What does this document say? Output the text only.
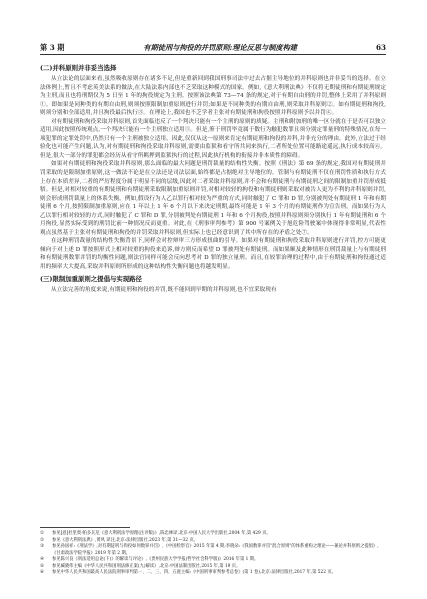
第 3 期	有期徒刑与拘役的并罚原则:理论反思与制度构建	63
(二)并科原则并非妥当选择

从立法论的层面来看,虽然吸收原则存在诸多不足,但是重新回到我国刑事司法中过去占据主导地位的并科原则也并非妥当的选择。在立法体例上,暂且不考虑英美法系的做法,在大陆法系内部也不乏采取这种模式的国家。例如,《意大利刑法典》不仅将无期徒刑和有期徒刑规定为主刑,而且也将刑期仅为 5 日至 1 年的拘役规定为主刑。按照该法典第 73—74 条的规定,对于有期自由刑的并罚,整体上采用了并科原则①。即如果是同种类的有期自由刑,则须按照限制加重原则进行并罚;如果是不同种类的有期自由刑,则采取并科原则②。如有期徒刑和拘役,则须分别和全部适用,并且拘役最后执行③。在理论上,我国也不乏学者主张对有期徒刑和拘役按照并科原则予以并罚④。

对有期徒刑和拘役采取并科原则,首先面临违反了一个判决只能有一个主刑的原则的质疑。主刑和附加刑的唯一区分就在于是否可以独立适用,因此按照传统观点,一个判决只能有一个主刑独立适用⑤。但是,鉴于刑罚毕竟属于数行为触犯数罪且须分别定罪量刑的特殊情况,在每一项犯罪的定罪处罚中,仍然只有一个主刑被独立适用。因此,仅仅从这一原则来肯定有期徒刑和拘役的并科,并非充分的理由。此外,立法过于经验化也可能产生问题,认为,对有期徒刑和拘役采取并科原则,需要由监狱和看守所共同来执行,二者所处位置可能路途遥远,执行成本较高⑥。但是,很大一部分的罪犯都会经历从看守所羁押到监狱执行的过程,因此执行机构的衔接并非本质性的障碍。

如果对有期徒刑和拘役采取并科原则,那么面临的最大问题是刑罚裁量的结构性失衡。按照《刑法》第 69 条的规定,我国对有期徒刑并罚采取的是限制加重原则,这一做法不论是在立法还是司法层面,始终都是占据绝对主导地位的。管制与有期徒刑不仅在刑罚性质和执行方式上存在本质差异,二者的严厉程度分属于明显不同的层级,因此对二者采取并科原则,并不会和有期徒刑与有期徒刑之间的限制加重并罚形成抵牾。但是,对相对较重的有期徒刑和有期徒刑采取限制加重原则并罚,对相对较轻的拘役和有期徒刑则采取对被告人更为不利的并科原则并罚,则会形成刑罚裁量上的体系失衡。例如,假设行为人乙以罪行相对较为严重的方式,同时触犯了 C 罪和 D 罪,分别被判处有期徒刑 1 年和有期徒刑 6 个月,按照限制加重原则,应在 1 年以上 1 年 6 个月以下来决定刑期,最终可能是 1 年 3 个月的有期徒刑作为宣告刑。而如果行为人乙以罪行相对较轻的方式,同时触犯了 C 罪和 D 罪,分别被判处有期徒刑 1 年和 6 个月拘役,按照并科原则须分别执行 1 年有期徒刑和 6 个月拘役,显然实际受到的刑罚比前一种情况反而更重。对此,在《刑事审判参考》第 900 号案例关于旭危险驾驶案中体现得非常明显,代表性观点虽然基于主张对有期徒刑和拘役的并罚采取并科原则,但实际上也已经意识到了其中所存在的矛盾之处⑦。

在这种刑罚裁量的结构性失衡背景下,同样会对控辩审三方形成扭曲的引导。如果对有期徒刑和拘役采取并科原则进行并罚,控方可能更倾向于对上述 D 罪按照形式上相对较重的拘役来追诉,辩方则反而希望 D 罪被判处有期徒刑。而如果顺及此种情形在刑罚裁量上与有期徒刑和有期徒刑数罪并罚的均衡性问题,则法官同样可能会反向思考对 D 罪的独立量刑。而且,在较罪治理的过程中,由于有期徒刑和拘役通过适用的频率大大提高,采取并科原则所形成的这种结构性失衡问题也将越发明显。

(三)限制加重原则之提倡与实现路径

从立法完善的角度来说,有期徒刑和拘役的并罚,既不能回到早期的并科原则,也不宜采取现有

①	参见[意]杜里奥·帕多瓦尼《意大利刑法学原理(注评版)》,陈忠林译,北京:中国人民大学出版社,2004 年,第 429 页。
②	参见《意大利刑法典》,黄风 译注,北京:法律出版社,2023 年,第 31—32 页。
③	参见孙国祥:《刑法学》,对有期徒刑与拘役如何数罪并罚》,《中国检察官》2015 年第 4 期;李晓朵:《我国数罪并罚"混合原则"的体系重构之理论——兼论并科原则之提倡》,《甘肃政法学院学报》2019 年第 2 期。
④	参见陈兴良《刑法适用总论(下)》的解读与评论》,《贵州民族大学学报(哲学社会科学版)》2016 年第 1 期。
⑤	参见臧晓伟主编《中华人民共和国刑法修正案(九)解读》,北京:中国法制出版社,2015 年,第 19 页。
⑥	参见中华人民共和国最高人民法院刑事审判第一、二、三、四、五庭主编:《中国刑事审判参考总卷》(第 1 卷),北京:法律出版社,2017 年,第 522 页。
